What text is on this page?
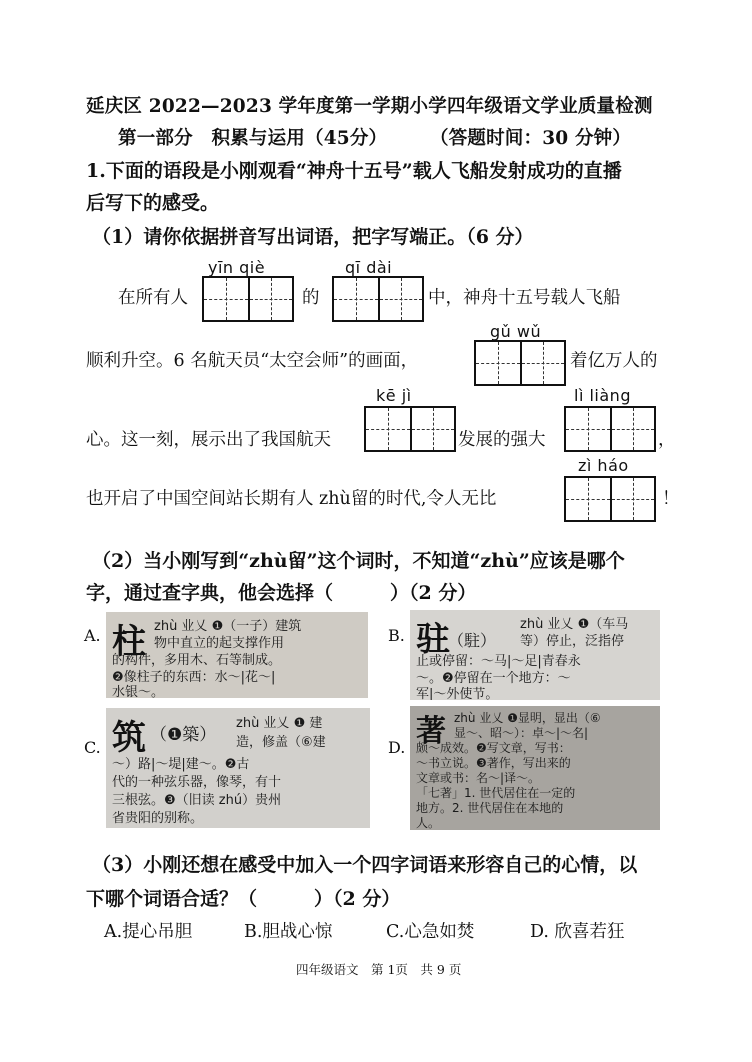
延庆区 2022—2023 学年度第一学期小学四年级语文学业质量检测
第一部分　积累与运用（45分） （答题时间：30 分钟）
1.下面的语段是小刚观看“神舟十五号”载人飞船发射成功的直播
后写下的感受。
（1）请你依据拼音写出词语，把字写端正。（6 分）
yīn qiè	qī dài
在所有人	的	中，神舟十五号载人飞船
gǔ wǔ
顺利升空。6 名航天员“太空会师”的画面，	着亿万人的
kē jì	lì liàng
心。这一刻，展示出了我国航天	发展的强大	，
zì háo
也开启了中国空间站长期有人 zhù留的时代,令人无比	！
（2）当小刚写到“zhù留”这个词时，不知道“zhù”应该是哪个
字，通过查字典，他会选择（　　　）（2 分）
A. 柱 zhù 业乂 ❶（一子）建筑
物中直立的起支撑作用
的构件，多用木、石等制成。
❷像柱子的东西：水～|花～|
水银～。
B. 驻
（駐）
zhù 业乂 ❶（车马
等）停止，泛指停
止或停留：～马|～足|青春永
～。❷停留在一个地方：～
军|～外使节。
C. 筑 （❶築）
zhù 业乂 ❶ 建
造，修盖（⑥建
～）路|～堤|建～。❷古
代的一种弦乐器，像琴，有十
三根弦。❸（旧读 zhú）贵州
省贵阳的别称。
D. 著 zhù 业乂 ❶显明，显出（⑥
显～、昭～）：卓～|～名|
颇～成效。❷写文章，写书：
～书立说。❸著作，写出来的
文章或书：名～|译～。
「七著」1. 世代居住在一定的
地方。2. 世代居住在本地的
人。
（3）小刚还想在感受中加入一个四字词语来形容自己的心情，以
下哪个词语合适？（　　　）（2 分）
A.提心吊胆	B.胆战心惊	C.心急如焚	D. 欣喜若狂
四年级语文　第 1页　共 9 页
